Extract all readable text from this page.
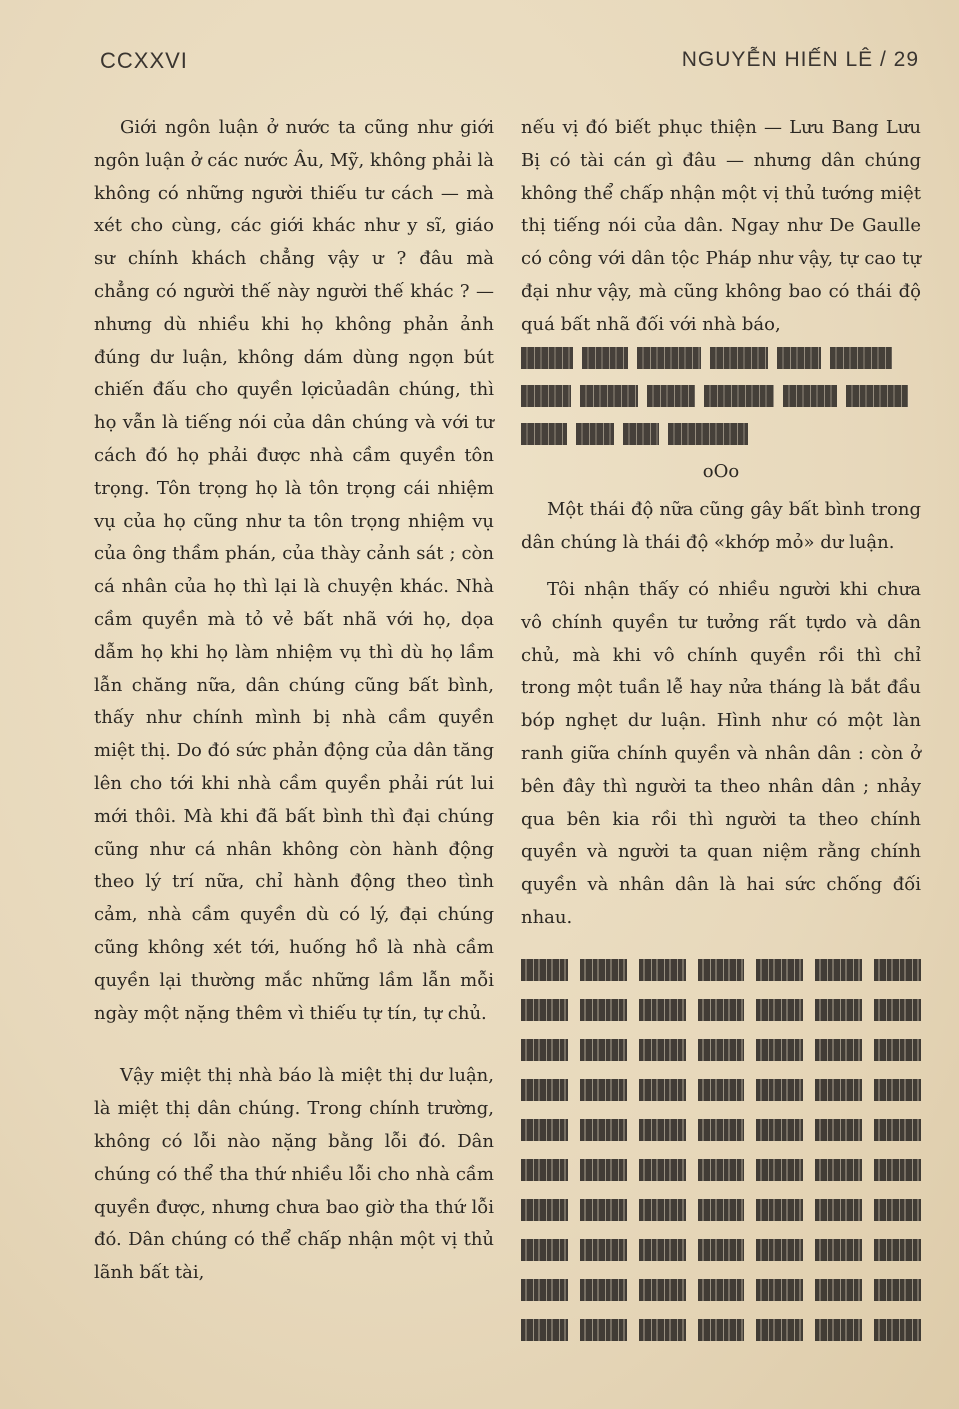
CCXXVI	NGUYỄN HIẾN LÊ / 29

Giới ngôn luận ở nước ta cũng như giới ngôn luận ở các nước Âu, Mỹ, không phải là không có những người thiếu tư cách — mà xét cho cùng, các giới khác như y sĩ, giáo sư chính khách chẳng vậy ư ? đâu mà chẳng có người thế này người thế khác ? — nhưng dù nhiều khi họ không phản ảnh đúng dư luận, không dám dùng ngọn bút chiến đấu cho quyền lợicủadân chúng, thì họ vẫn là tiếng nói của dân chúng và với tư cách đó họ phải được nhà cầm quyền tôn trọng. Tôn trọng họ là tôn trọng cái nhiệm vụ của họ cũng như ta tôn trọng nhiệm vụ của ông thầm phán, của thày cảnh sát ; còn cá nhân của họ thì lại là chuyện khác. Nhà cầm quyền mà tỏ vẻ bất nhã với họ, dọa dẫm họ khi họ làm nhiệm vụ thì dù họ lầm lẫn chăng nữa, dân chúng cũng bất bình, thấy như chính mình bị nhà cầm quyền miệt thị. Do đó sức phản động của dân tăng lên cho tới khi nhà cầm quyền phải rút lui mới thôi. Mà khi đã bất bình thì đại chúng cũng như cá nhân không còn hành động theo lý trí nữa, chỉ hành động theo tình cảm, nhà cầm quyền dù có lý, đại chúng cũng không xét tới, huống hồ là nhà cầm quyền lại thường mắc những lầm lẫn mỗi ngày một nặng thêm vì thiếu tự tín, tự chủ.

Vậy miệt thị nhà báo là miệt thị dư luận, là miệt thị dân chúng. Trong chính trường, không có lỗi nào nặng bằng lỗi đó. Dân chúng có thể tha thứ nhiều lỗi cho nhà cầm quyền được, nhưng chưa bao giờ tha thứ lỗi đó. Dân chúng có thể chấp nhận một vị thủ lãnh bất tài,

nếu vị đó biết phục thiện — Lưu Bang Lưu Bị có tài cán gì đâu — nhưng dân chúng không thể chấp nhận một vị thủ tướng miệt thị tiếng nói của dân. Ngay như De Gaulle có công với dân tộc Pháp như vậy, tự cao tự đại như vậy, mà cũng không bao có thái độ quá bất nhã đối với nhà báo,

oOo

Một thái độ nữa cũng gây bất bình trong dân chúng là thái độ «khớp mỏ» dư luận.

Tôi nhận thấy có nhiều người khi chưa vô chính quyền tư tưởng rất tựdo và dân chủ, mà khi vô chính quyền rồi thì chỉ trong một tuần lễ hay nửa tháng là bắt đầu bóp nghẹt dư luận. Hình như có một làn ranh giữa chính quyền và nhân dân : còn ở bên đây thì người ta theo nhân dân ; nhảy qua bên kia rồi thì người ta theo chính quyền và người ta quan niệm rằng chính quyền và nhân dân là hai sức chống đối nhau.
